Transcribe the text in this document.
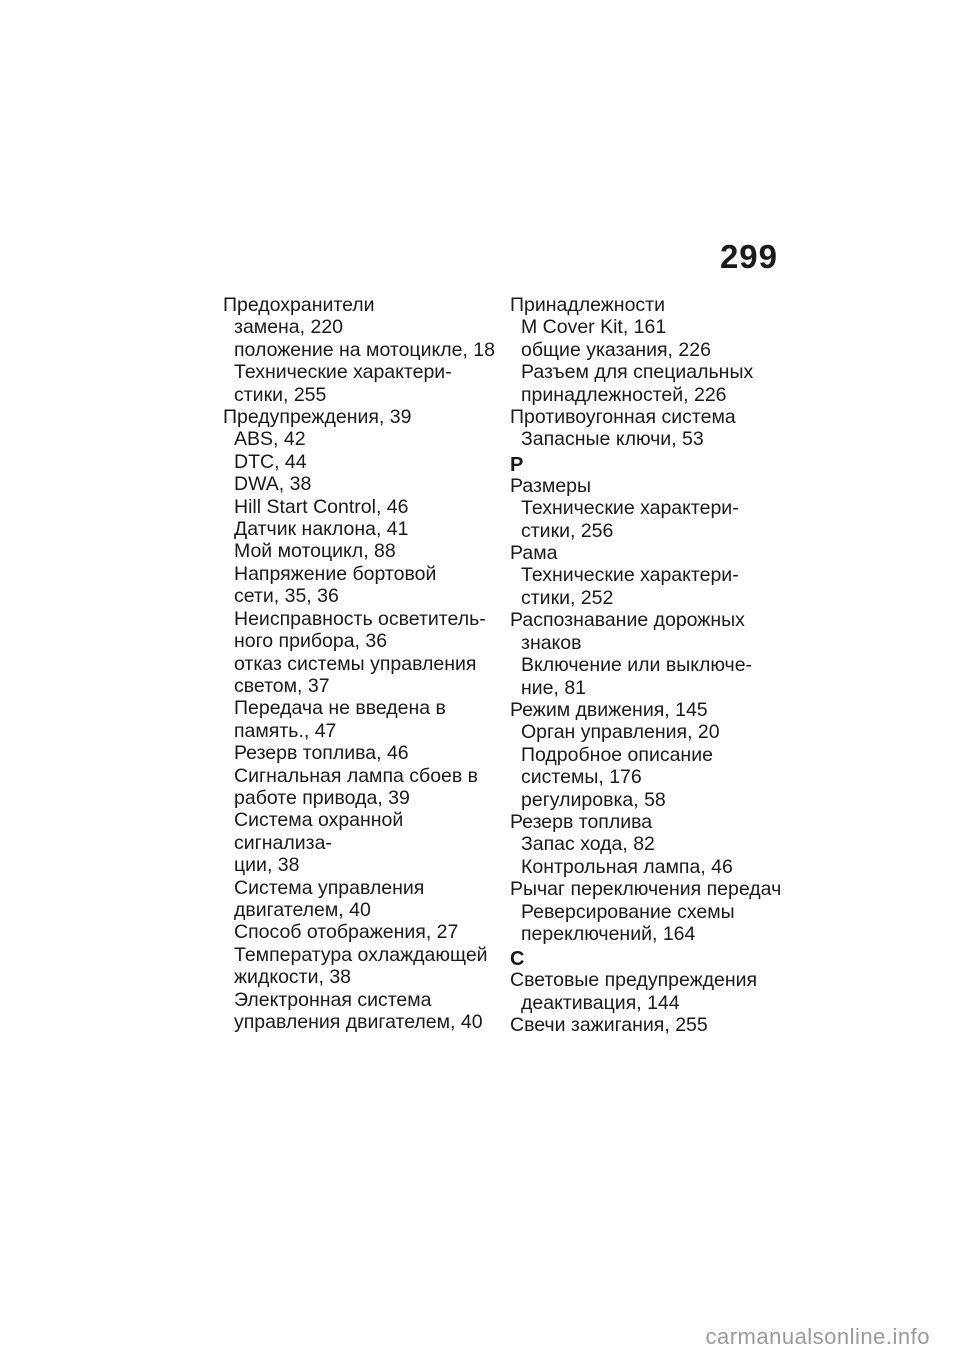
299
Предохранители
замена, 220
положение на мотоцикле, 18
Технические характери-
стики, 255
Предупреждения, 39
ABS, 42
DTC, 44
DWA, 38
Hill Start Control, 46
Датчик наклона, 41
Мой мотоцикл, 88
Напряжение бортовой
сети, 35, 36
Неисправность осветитель-
ного прибора, 36
отказ системы управления
светом, 37
Передача не введена в
память., 47
Резерв топлива, 46
Сигнальная лампа сбоев в
работе привода, 39
Система охранной сигнализа-
ции, 38
Система управления
двигателем, 40
Способ отображения, 27
Температура охлаждающей
жидкости, 38
Электронная система
управления двигателем, 40
Принадлежности
M Cover Kit, 161
общие указания, 226
Разъем для специальных
принадлежностей, 226
Противоугонная система
Запасные ключи, 53
Р
Размеры
Технические характери-
стики, 256
Рама
Технические характери-
стики, 252
Распознавание дорожных
знаков
Включение или выключе-
ние, 81
Режим движения, 145
Орган управления, 20
Подробное описание
системы, 176
регулировка, 58
Резерв топлива
Запас хода, 82
Контрольная лампа, 46
Рычаг переключения передач
Реверсирование схемы
переключений, 164
С
Световые предупреждения
деактивация, 144
Свечи зажигания, 255
carmanualsonline.info
